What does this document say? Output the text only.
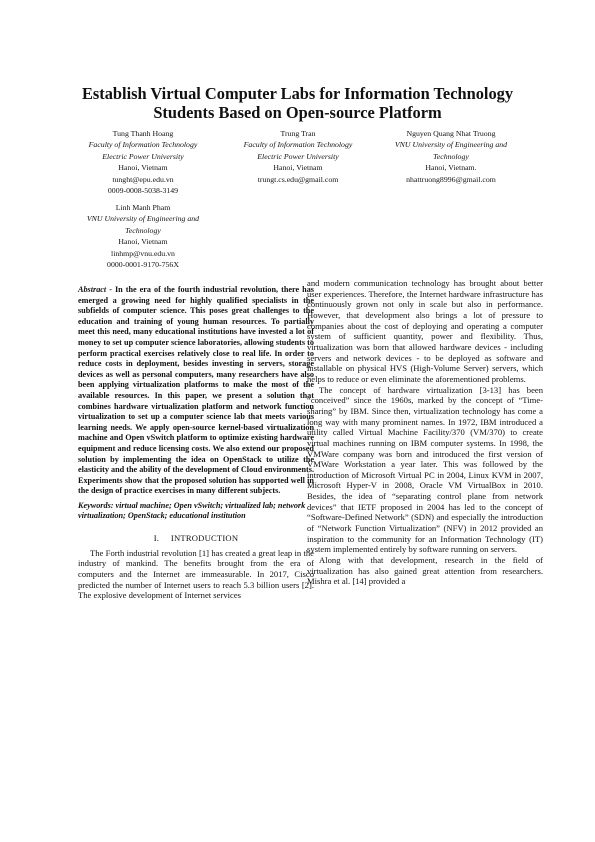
Establish Virtual Computer Labs for Information Technology
Students Based on Open-source Platform
Tung Thanh Hoang
Faculty of Information Technology
Electric Power University
Hanoi, Vietnam
tunght@epu.edu.vn
0009-0008-5038-3149
Trung Tran
Faculty of Information Technology
Electric Power University
Hanoi, Vietnam
trungt.cs.edu@gmail.com
Nguyen Quang Nhat Truong
VNU University of Engineering and
Technology
Hanoi, Vietnam.
nhattruong8996@gmail.com
Linh Manh Pham
VNU University of Engineering and
Technology
Hanoi, Vietnam
linhmp@vnu.edu.vn
0000-0001-9170-756X

Abstract - In the era of the fourth industrial revolution, there has emerged a growing need for highly qualified specialists in the subfields of computer science. This poses great challenges to the education and training of young human resources. To partially meet this need, many educational institutions have invested a lot of money to set up computer science laboratories, allowing students to perform practical exercises relatively close to real life. In order to reduce costs in deployment, besides investing in servers, storage devices as well as personal computers, many researchers have also been applying virtualization platforms to make the most of the available resources. In this paper, we present a solution that combines hardware virtualization platform and network function virtualization to set up a computer science lab that meets various learning needs. We apply open-source kernel-based virtualization machine and Open vSwitch platform to optimize existing hardware equipment and reduce licensing costs. We also extend our proposed solution by implementing the idea on OpenStack to utilize the elasticity and the ability of the development of Cloud environments. Experiments show that the proposed solution has supported well in the design of practice exercises in many different subjects.

Keywords: virtual machine; Open vSwitch; virtualized lab; network virtualization; OpenStack; educational institution

I.     INTRODUCTION

The Forth industrial revolution [1] has created a great leap in the industry of mankind. The benefits brought from the era of computers and the Internet are immeasurable. In 2017, Cisco predicted the number of Internet users to reach 5.3 billion users [2]. The explosive development of Internet services

and modern communication technology has brought about better user experiences. Therefore, the Internet hardware infrastructure has continuously grown not only in scale but also in performance. However, that development also brings a lot of pressure to companies about the cost of deploying and operating a computer system of sufficient quantity, power and flexibility. Thus, virtualization was born that allowed hardware devices - including servers and network devices - to be deployed as software and installable on physical HVS (High-Volume Server) servers, which helps to reduce or even eliminate the aforementioned problems.

The concept of hardware virtualization [3-13] has been “conceived” since the 1960s, marked by the concept of “Time-sharing” by IBM. Since then, virtualization technology has come a long way with many prominent names. In 1972, IBM introduced a utility called Virtual Machine Facility/370 (VM/370) to create virtual machines running on IBM computer systems. In 1998, the VMWare company was born and introduced the first version of VMWare Workstation a year later. This was followed by the introduction of Microsoft Virtual PC in 2004, Linux KVM in 2007, Microsoft Hyper-V in 2008, Oracle VM VirtualBox in 2010. Besides, the idea of “separating control plane from network devices” that IETF proposed in 2004 has led to the concept of “Software-Defined Network” (SDN) and especially the introduction of “Network Function Virtualization” (NFV) in 2012 provided an inspiration to the community for an Information Technology (IT) system implemented entirely by software running on servers.

Along with that development, research in the field of virtualization has also gained great attention from researchers. Mishra et al. [14] provided a
